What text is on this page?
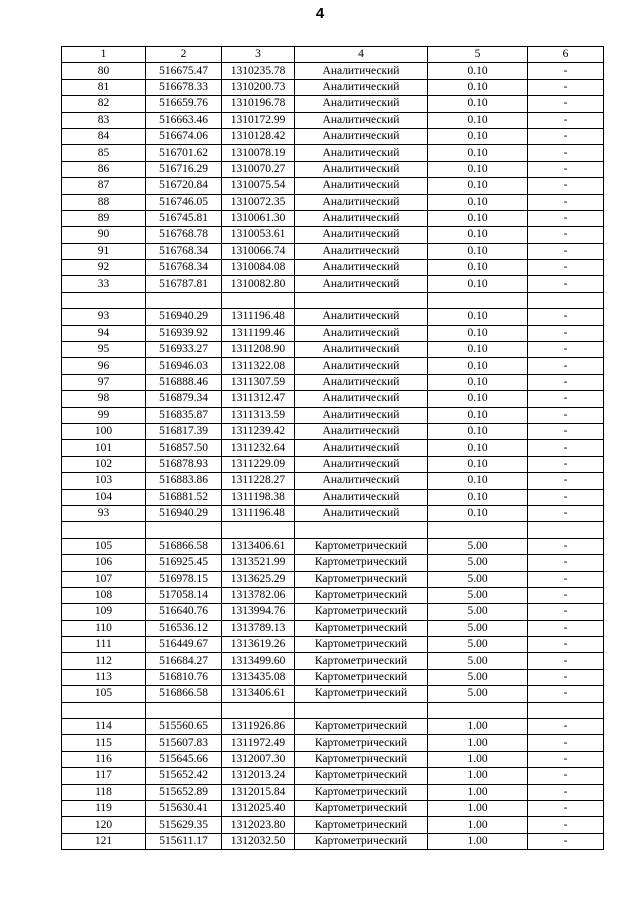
4
1	2	3	4	5	6
80	516675.47	1310235.78	Аналитический	0.10	-
81	516678.33	1310200.73	Аналитический	0.10	-
82	516659.76	1310196.78	Аналитический	0.10	-
83	516663.46	1310172.99	Аналитический	0.10	-
84	516674.06	1310128.42	Аналитический	0.10	-
85	516701.62	1310078.19	Аналитический	0.10	-
86	516716.29	1310070.27	Аналитический	0.10	-
87	516720.84	1310075.54	Аналитический	0.10	-
88	516746.05	1310072.35	Аналитический	0.10	-
89	516745.81	1310061.30	Аналитический	0.10	-
90	516768.78	1310053.61	Аналитический	0.10	-
91	516768.34	1310066.74	Аналитический	0.10	-
92	516768.34	1310084.08	Аналитический	0.10	-
33	516787.81	1310082.80	Аналитический	0.10	-

93	516940.29	1311196.48	Аналитический	0.10	-
94	516939.92	1311199.46	Аналитический	0.10	-
95	516933.27	1311208.90	Аналитический	0.10	-
96	516946.03	1311322.08	Аналитический	0.10	-
97	516888.46	1311307.59	Аналитический	0.10	-
98	516879.34	1311312.47	Аналитический	0.10	-
99	516835.87	1311313.59	Аналитический	0.10	-
100	516817.39	1311239.42	Аналитический	0.10	-
101	516857.50	1311232.64	Аналитический	0.10	-
102	516878.93	1311229.09	Аналитический	0.10	-
103	516883.86	1311228.27	Аналитический	0.10	-
104	516881.52	1311198.38	Аналитический	0.10	-
93	516940.29	1311196.48	Аналитический	0.10	-

105	516866.58	1313406.61	Картометрический	5.00	-
106	516925.45	1313521.99	Картометрический	5.00	-
107	516978.15	1313625.29	Картометрический	5.00	-
108	517058.14	1313782.06	Картометрический	5.00	-
109	516640.76	1313994.76	Картометрический	5.00	-
110	516536.12	1313789.13	Картометрический	5.00	-
111	516449.67	1313619.26	Картометрический	5.00	-
112	516684.27	1313499.60	Картометрический	5.00	-
113	516810.76	1313435.08	Картометрический	5.00	-
105	516866.58	1313406.61	Картометрический	5.00	-

114	515560.65	1311926.86	Картометрический	1.00	-
115	515607.83	1311972.49	Картометрический	1.00	-
116	515645.66	1312007.30	Картометрический	1.00	-
117	515652.42	1312013.24	Картометрический	1.00	-
118	515652.89	1312015.84	Картометрический	1.00	-
119	515630.41	1312025.40	Картометрический	1.00	-
120	515629.35	1312023.80	Картометрический	1.00	-
121	515611.17	1312032.50	Картометрический	1.00	-
